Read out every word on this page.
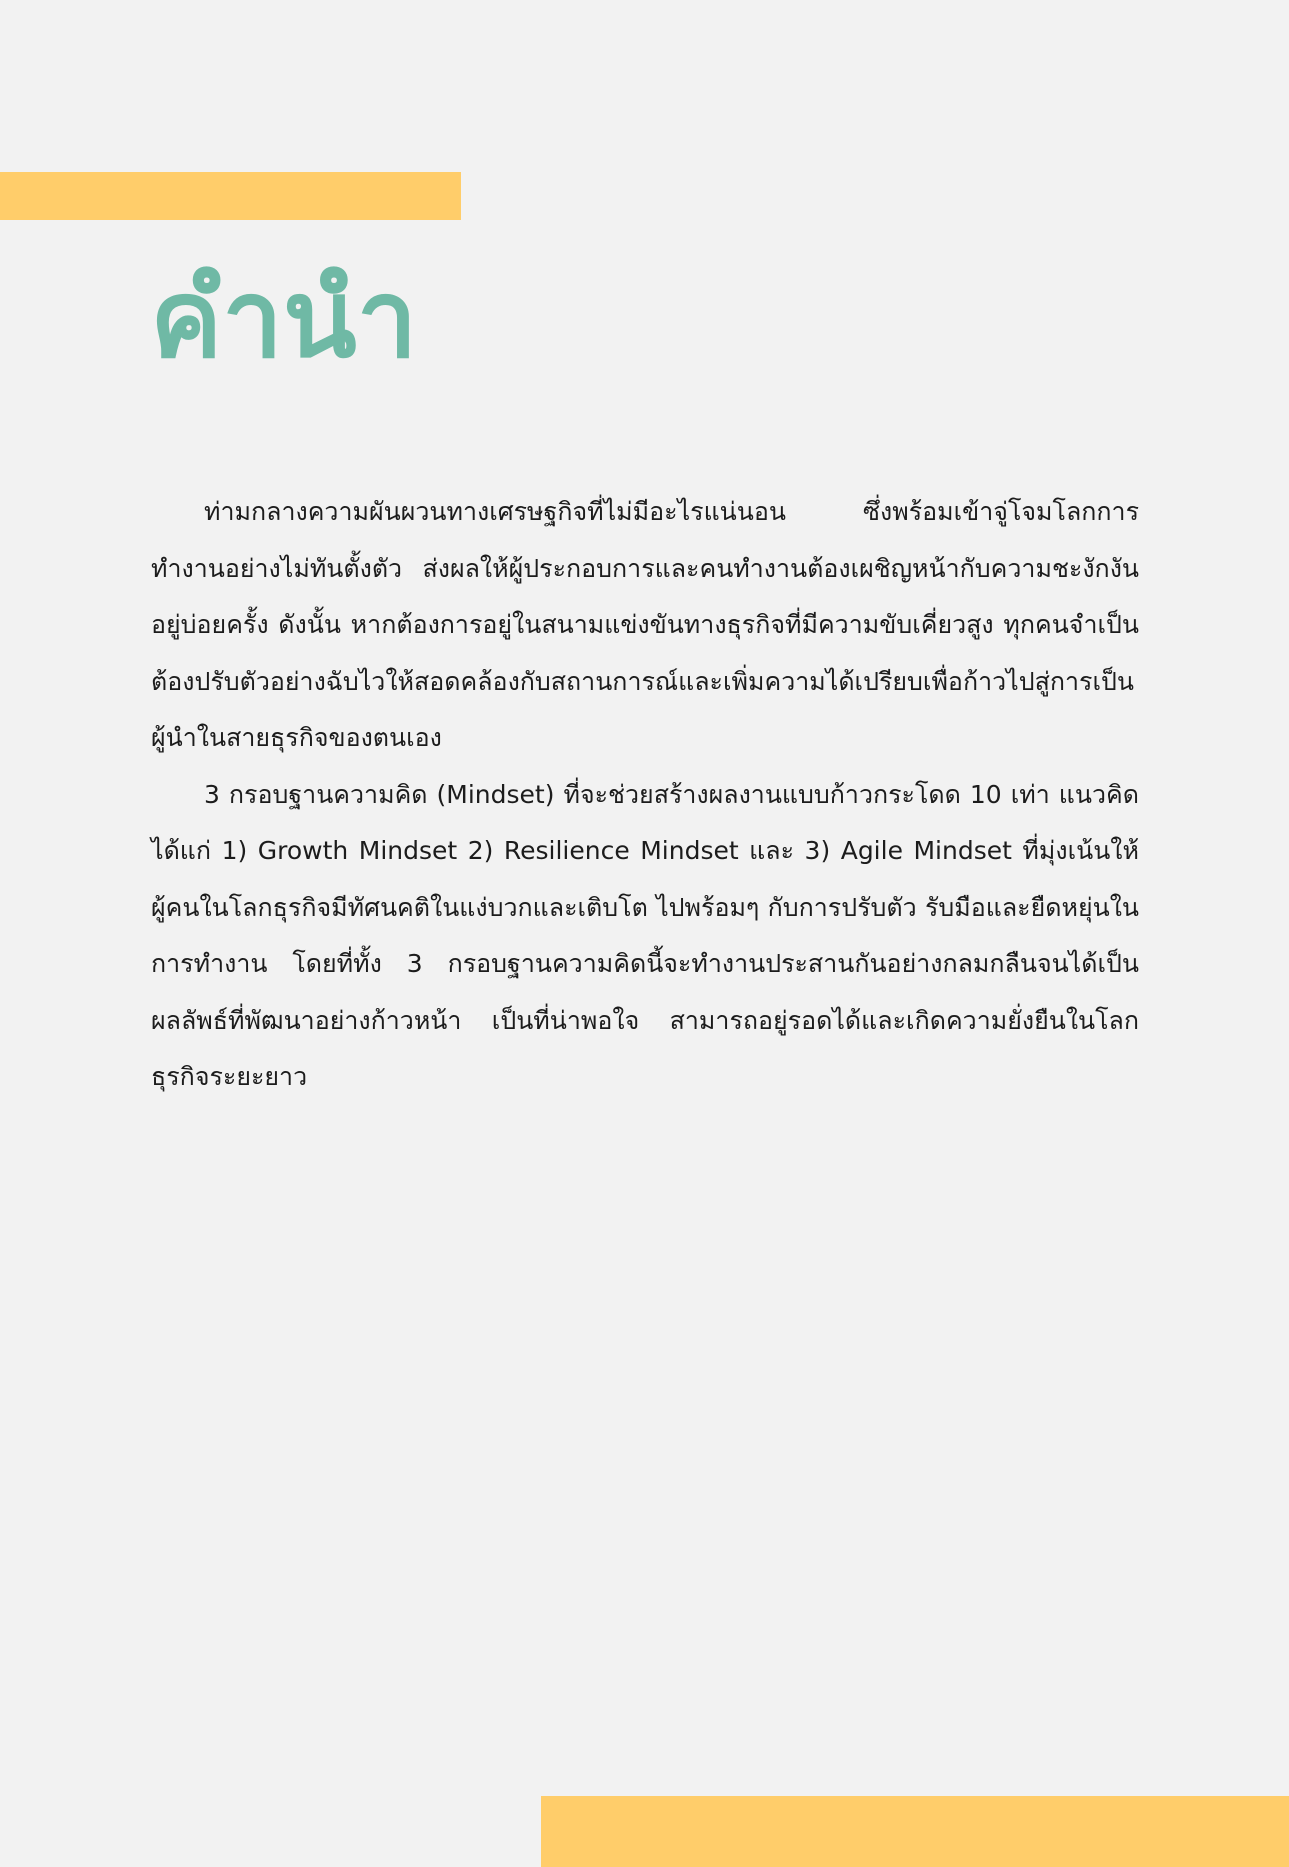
คำนำ

ท่ามกลางความผันผวนทางเศรษฐกิจที่ไม่มีอะไรแน่นอน ซึ่งพร้อมเข้าจู่โจมโลกการทำงานอย่างไม่ทันตั้งตัว ส่งผลให้ผู้ประกอบการและคนทำงานต้องเผชิญหน้ากับความชะงักงันอยู่บ่อยครั้ง ดังนั้น หากต้องการอยู่ในสนามแข่งขันทางธุรกิจที่มีความขับเคี่ยวสูง ทุกคนจำเป็นต้องปรับตัวอย่างฉับไวให้สอดคล้องกับสถานการณ์และเพิ่มความได้เปรียบเพื่อก้าวไปสู่การเป็นผู้นำในสายธุรกิจของตนเอง

3 กรอบฐานความคิด (Mindset) ที่จะช่วยสร้างผลงานแบบก้าวกระโดด 10 เท่า แนวคิด ได้แก่ 1) Growth Mindset 2) Resilience Mindset และ 3) Agile Mindset ที่มุ่งเน้นให้ผู้คนในโลกธุรกิจมีทัศนคติในแง่บวกและเติบโต ไปพร้อมๆ กับการปรับตัว รับมือและยืดหยุ่นในการทำงาน โดยที่ทั้ง 3 กรอบฐานความคิดนี้จะทำงานประสานกันอย่างกลมกลืนจนได้เป็นผลลัพธ์ที่พัฒนาอย่างก้าวหน้า เป็นที่น่าพอใจ สามารถอยู่รอดได้และเกิดความยั่งยืนในโลกธุรกิจระยะยาว
